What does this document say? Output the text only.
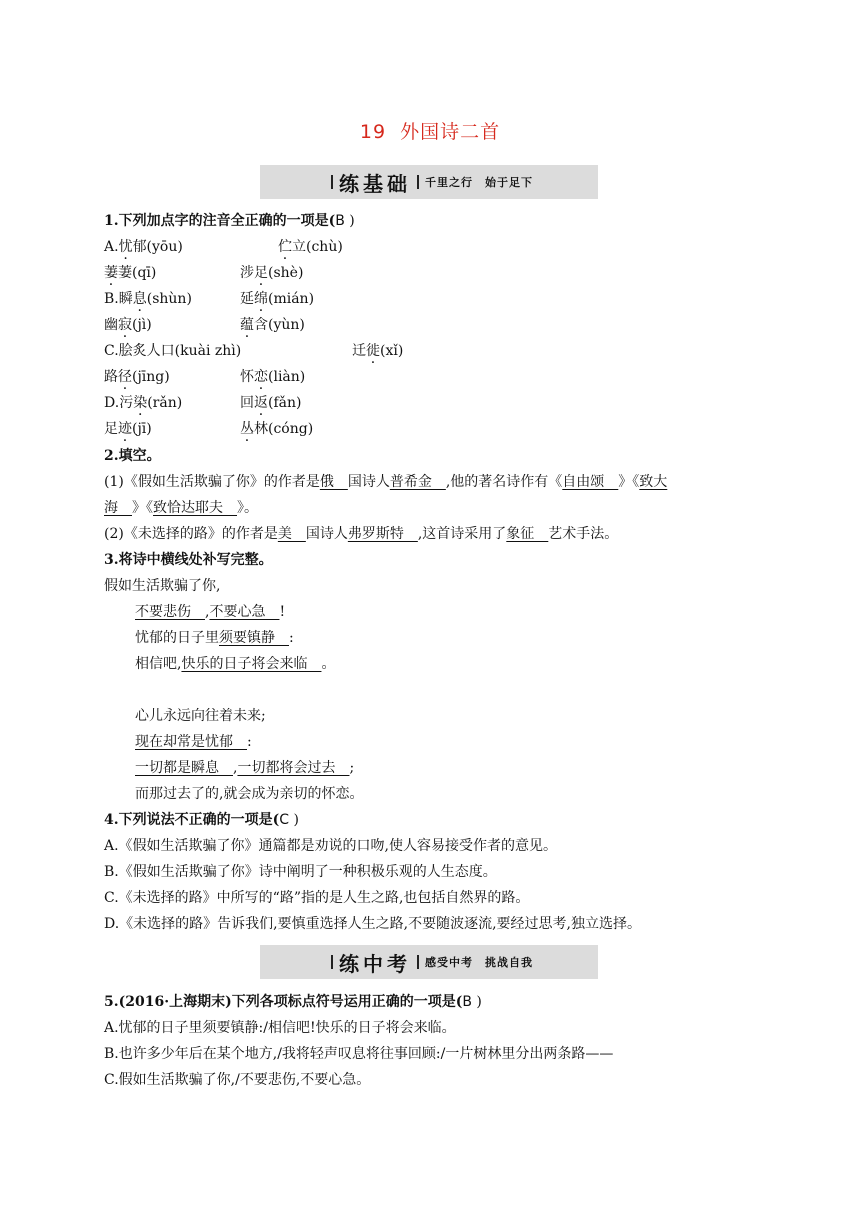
19 外国诗二首
练基础 千里之行　始于足下
1.下列加点字的注音全正确的一项是(B )
A.忧郁(yōu)	伫立(chù)
萋萋(qī)	涉足(shè)
B.瞬息(shùn)	延绵(mián)
幽寂(jì)	蕴含(yùn)
C.脍炙人口(kuài zhì)	迁徙(xǐ)
路径(jīng)	怀恋(liàn)
D.污染(rǎn)	回返(fǎn)
足迹(jī)	丛林(cóng)
2.填空。
(1)《假如生活欺骗了你》的作者是俄　国诗人普希金　,他的著名诗作有《自由颂　》《致大
海　》《致恰达耶夫　》。
(2)《未选择的路》的作者是美　国诗人弗罗斯特　,这首诗采用了象征　艺术手法。
3.将诗中横线处补写完整。
假如生活欺骗了你,
不要悲伤　,不要心急　!
忧郁的日子里须要镇静　:
相信吧,快乐的日子将会来临　。
心儿永远向往着未来;
现在却常是忧郁　:
一切都是瞬息　,一切都将会过去　;
而那过去了的,就会成为亲切的怀恋。
4.下列说法不正确的一项是(C )
A.《假如生活欺骗了你》通篇都是劝说的口吻,使人容易接受作者的意见。
B.《假如生活欺骗了你》诗中阐明了一种积极乐观的人生态度。
C.《未选择的路》中所写的“路”指的是人生之路,也包括自然界的路。
D.《未选择的路》告诉我们,要慎重选择人生之路,不要随波逐流,要经过思考,独立选择。
练中考 感受中考　挑战自我
5.(2016·上海期末)下列各项标点符号运用正确的一项是(B )
A.忧郁的日子里须要镇静:/相信吧!快乐的日子将会来临。
B.也许多少年后在某个地方,/我将轻声叹息将往事回顾:/一片树林里分出两条路——
C.假如生活欺骗了你,/不要悲伤,不要心急。
